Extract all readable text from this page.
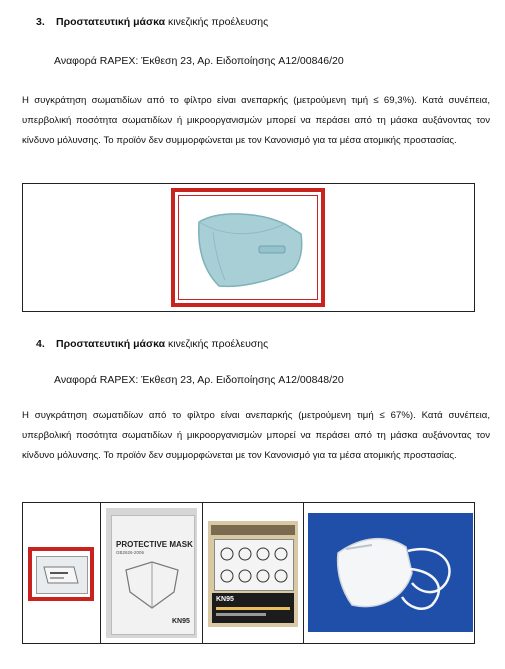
3. Προστατευτική μάσκα κινεζικής προέλευσης
Αναφορά RAPEX: Έκθεση 23, Αρ. Ειδοποίησης A12/00846/20
Η συγκράτηση σωματιδίων από το φίλτρο είναι ανεπαρκής (μετρούμενη τιμή ≤ 69,3%). Κατά συνέπεια, υπερβολική ποσότητα σωματιδίων ή μικροοργανισμών μπορεί να περάσει από τη μάσκα αυξάνοντας τον κίνδυνο μόλυνσης. Το προϊόν δεν συμμορφώνεται με τον Κανονισμό για τα μέσα ατομικής προστασίας.
4. Προστατευτική μάσκα κινεζικής προέλευσης
Αναφορά RAPEX: Έκθεση 23, Αρ. Ειδοποίησης A12/00848/20
Η συγκράτηση σωματιδίων από το φίλτρο είναι ανεπαρκής (μετρούμενη τιμή ≤ 67%). Κατά συνέπεια, υπερβολική ποσότητα σωματιδίων ή μικροοργανισμών μπορεί να περάσει από τη μάσκα αυξάνοντας τον κίνδυνο μόλυνσης. Το προϊόν δεν συμμορφώνεται με τον Κανονισμό για τα μέσα ατομικής προστασίας.
PROTECTIVE MASK
GB2626-2006
KN95
KN95
